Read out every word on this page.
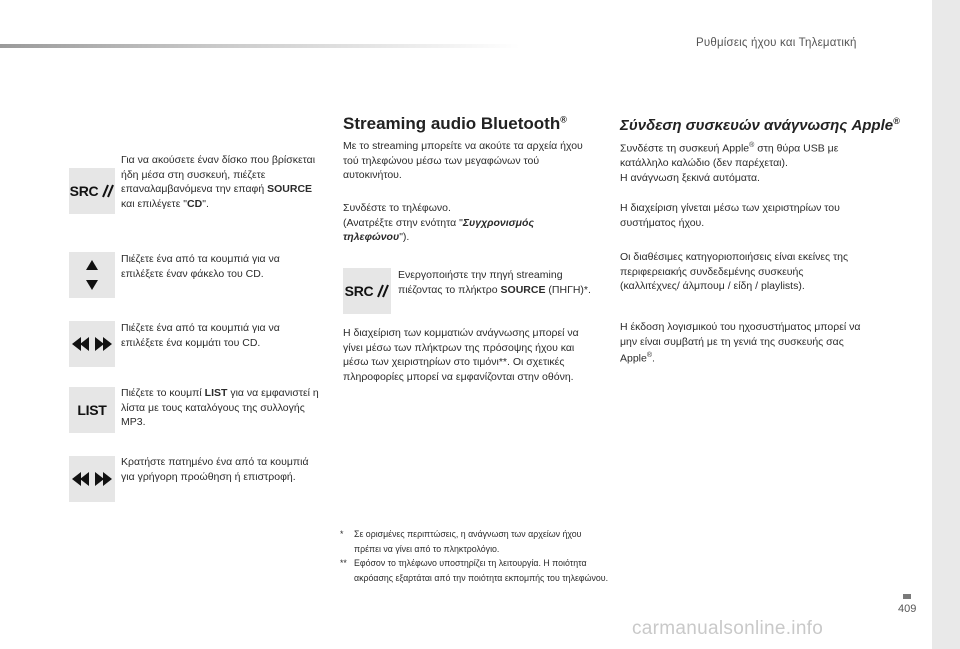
Ρυθμίσεις ήχου και Τηλεματική
409
carmanualsonline.info
SRC
Για να ακούσετε έναν δίσκο που βρίσκεται ήδη μέσα στη συσκευή, πιέζετε επαναλαμβανόμενα την επαφή SOURCE και επιλέγετε "CD".
Πιέζετε ένα από τα κουμπιά για να επιλέξετε έναν φάκελο του CD.
Πιέζετε ένα από τα κουμπιά για να επιλέξετε ένα κομμάτι του CD.
LIST
Πιέζετε το κουμπί LIST για να εμφανιστεί η λίστα με τους καταλόγους της συλλογής MP3.
Κρατήστε πατημένο ένα από τα κουμπιά για γρήγορη προώθηση ή επιστροφή.
Streaming audio Bluetooth®
Με το streaming μπορείτε να ακούτε τα αρχεία ήχου τού τηλεφώνου μέσω των μεγαφώνων τού αυτοκινήτου.
Συνδέστε το τηλέφωνο.
(Ανατρέξτε στην ενότητα "Συγχρονισμός τηλεφώνου").
SRC
Ενεργοποιήστε την πηγή streaming πιέζοντας το πλήκτρο SOURCE (ΠΗΓΗ)*.
Η διαχείριση των κομματιών ανάγνωσης μπορεί να γίνει μέσω των πλήκτρων της πρόσοψης ήχου και μέσω των χειριστηρίων στο τιμόνι**. Οι σχετικές πληροφορίες μπορεί να εμφανίζονται στην οθόνη.
*	Σε ορισμένες περιπτώσεις, η ανάγνωση των αρχείων ήχου πρέπει να γίνει από το πληκτρολόγιο.
** Εφόσον το τηλέφωνο υποστηρίζει τη λειτουργία. Η ποιότητα ακρόασης εξαρτάται από την ποιότητα εκπομπής του τηλεφώνου.
Σύνδεση συσκευών ανάγνωσης Apple®
Συνδέστε τη συσκευή Apple® στη θύρα USB με κατάλληλο καλώδιο (δεν παρέχεται).
Η ανάγνωση ξεκινά αυτόματα.
Η διαχείριση γίνεται μέσω των χειριστηρίων του συστήματος ήχου.
Οι διαθέσιμες κατηγοριοποιήσεις είναι εκείνες της περιφερειακής συνδεδεμένης συσκευής (καλλιτέχνες/ άλμπουμ / είδη / playlists).
Η έκδοση λογισμικού του ηχοσυστήματος μπορεί να μην είναι συμβατή με τη γενιά της συσκευής σας Apple®.
